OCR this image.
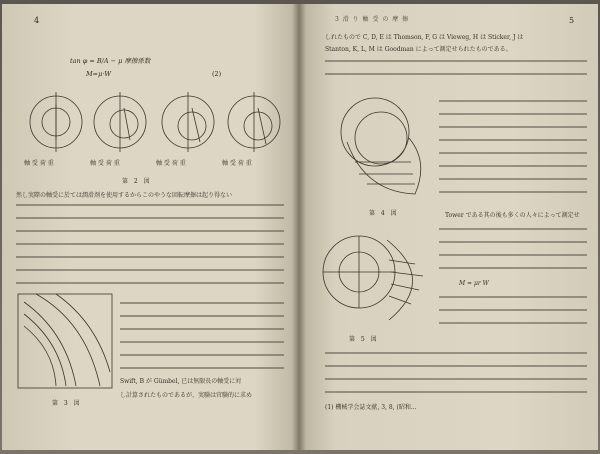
4
tan φ = B/A − μ 摩擦係数
M=μ·W	(2)
軸 受 荷 重	軸 受 荷 重	軸 受 荷 重	軸 受 荷 重
第 2 図
然し実際の軸受に於ては潤滑剤を使用するからこのやうな回転摩擦は起り得ない
第 3 図
Swift, B が Gümbel, 已は無限長の軸受に対
し計算されたものであるが、実験は官験的に求め
3 滑 り 軸 受 の 摩 擦	5
しれたもので C, D, E は Thomson, F, G は Vieweg, H は Sticker, J は
Stanton, K, L, M は Goodman によって測定せられたものである。
第 4 図
第 5 図
Tower である其の後も多くの人々によって測定せ
M = μr W
(1) 機械学会誌文献, 3, 8, (昭和...
